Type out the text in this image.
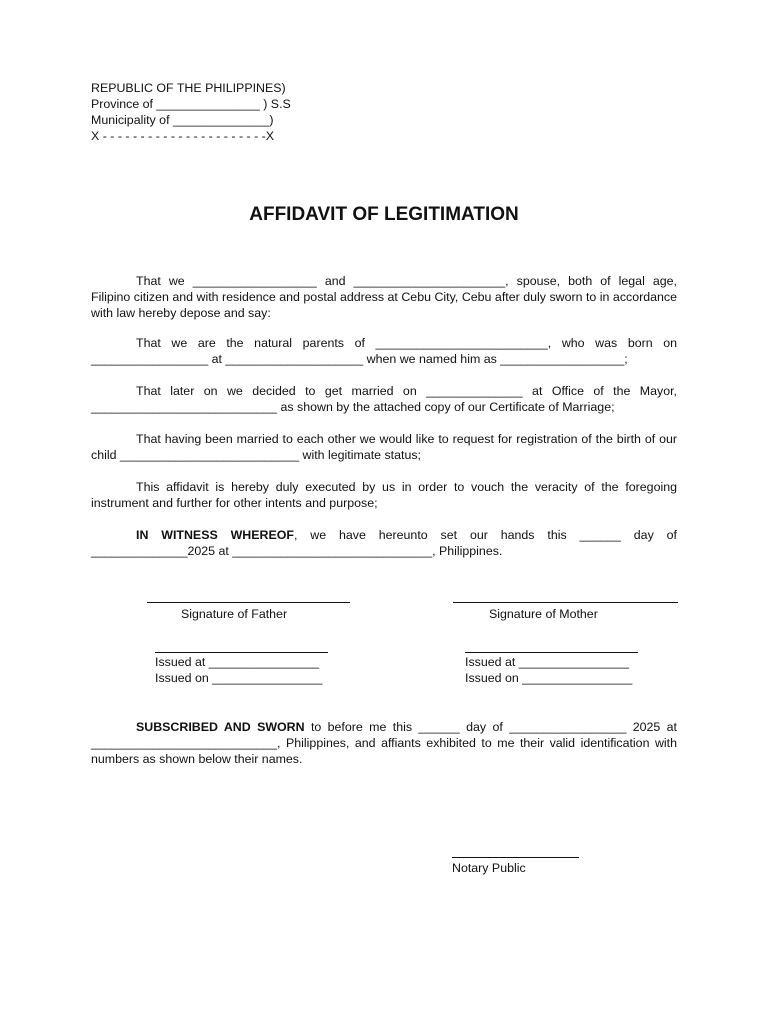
REPUBLIC OF THE PHILIPPINES)
Province of _______________ ) S.S
Municipality of ______________)
X - - - - - - - - - - - - - - - - - - - - - -X
AFFIDAVIT OF LEGITIMATION
That we __________________ and ______________________, spouse, both of legal age, Filipino citizen and with residence and postal address at Cebu City, Cebu after duly sworn to in accordance with law hereby depose and say:
That we are the natural parents of _________________________, who was born on _________________ at ____________________ when we named him as __________________;
That later on we decided to get married on ______________ at Office of the Mayor, ___________________________ as shown by the attached copy of our Certificate of Marriage;
That having been married to each other we would like to request for registration of the birth of our child __________________________ with legitimate status;
This affidavit is hereby duly executed by us in order to vouch the veracity of the foregoing instrument and further for other intents and purpose;
IN WITNESS WHEREOF, we have hereunto set our hands this ______ day of ______________2025 at _____________________________, Philippines.
Signature of Father	Signature of Mother
Issued at ________________
Issued on ________________
Issued at ________________
Issued on ________________
SUBSCRIBED AND SWORN to before me this ______ day of _________________ 2025 at ___________________________, Philippines, and affiants exhibited to me their valid identification with numbers as shown below their names.
Notary Public
